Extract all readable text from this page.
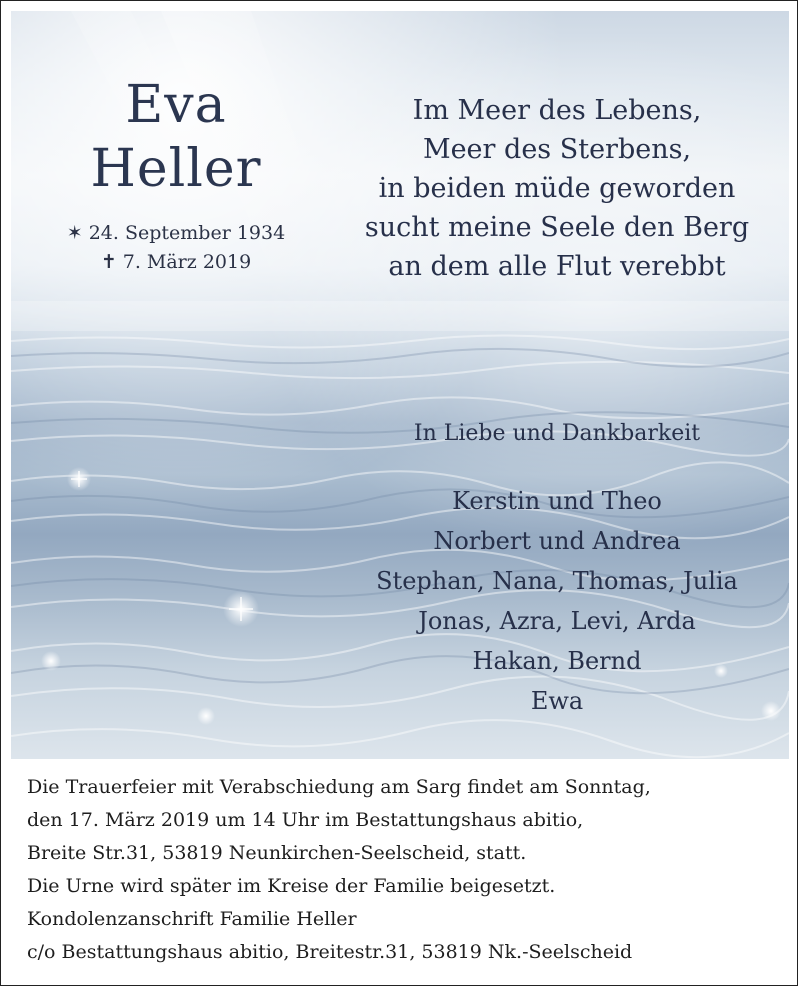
Eva
Heller
✶ 24. September 1934
✝ 7. März 2019
Im Meer des Lebens,
Meer des Sterbens,
in beiden müde geworden
sucht meine Seele den Berg
an dem alle Flut verebbt
In Liebe und Dankbarkeit
Kerstin und Theo
Norbert und Andrea
Stephan, Nana, Thomas, Julia
Jonas, Azra, Levi, Arda
Hakan, Bernd
Ewa
Die Trauerfeier mit Verabschiedung am Sarg findet am Sonntag,
den 17. März 2019 um 14 Uhr im Bestattungshaus abitio,
Breite Str.31, 53819 Neunkirchen-Seelscheid, statt.
Die Urne wird später im Kreise der Familie beigesetzt.
Kondolenzanschrift Familie Heller
c/o Bestattungshaus abitio, Breitestr.31, 53819 Nk.-Seelscheid
